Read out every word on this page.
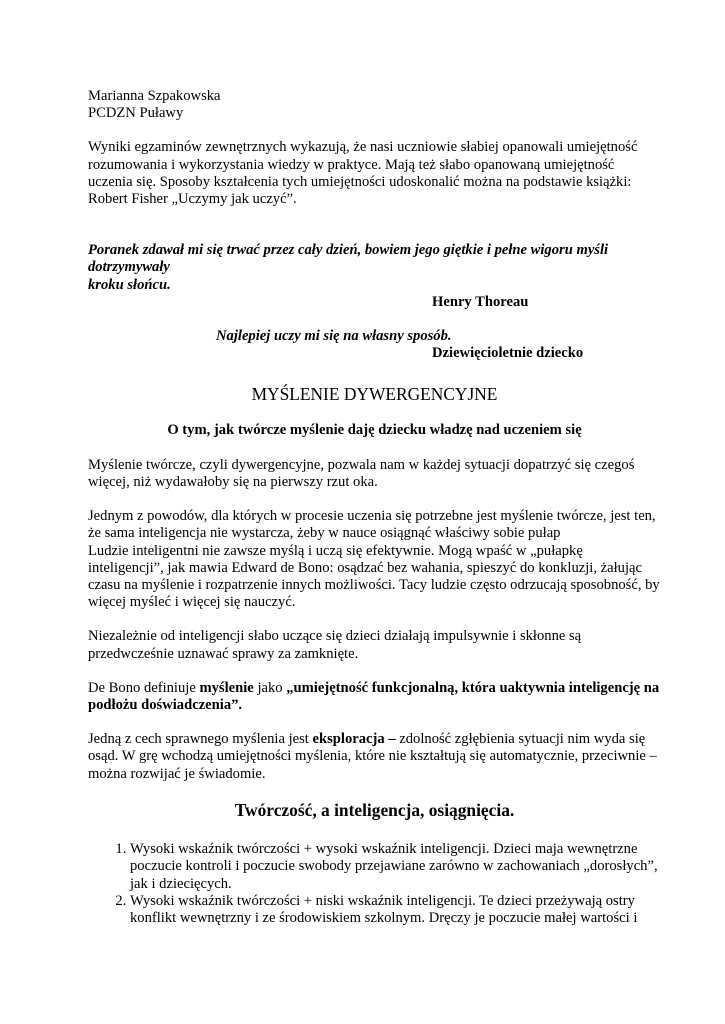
Marianna Szpakowska

PCDZN Puławy

Wyniki egzaminów zewnętrznych wykazują, że nasi uczniowie słabiej opanowali umiejętność rozumowania i wykorzystania wiedzy w praktyce. Mają też słabo opanowaną umiejętność uczenia się. Sposoby kształcenia tych umiejętności udoskonalić można na podstawie książki: Robert Fisher „Uczymy jak uczyć”.

Poranek zdawał mi się trwać przez cały dzień, bowiem jego giętkie i pełne wigoru myśli dotrzymywały

kroku słońcu.

Henry Thoreau

Najlepiej uczy mi się na własny sposób.

Dziewięcioletnie dziecko

MYŚLENIE DYWERGENCYJNE

O tym, jak twórcze myślenie daję dziecku władzę nad uczeniem się

Myślenie twórcze, czyli dywergencyjne, pozwala nam w każdej sytuacji dopatrzyć się czegoś więcej, niż wydawałoby się na pierwszy rzut oka.

Jednym z powodów, dla których w procesie uczenia się potrzebne jest myślenie twórcze, jest ten, że sama inteligencja nie wystarcza, żeby w nauce osiągnąć właściwy sobie pułap

Ludzie inteligentni nie zawsze myślą i uczą się efektywnie. Mogą wpaść w „pułapkę inteligencji”, jak mawia Edward de Bono: osądzać bez wahania, spieszyć do konkluzji, żałując czasu na myślenie i rozpatrzenie innych możliwości. Tacy ludzie często odrzucają sposobność, by więcej myśleć i więcej się nauczyć.

Niezależnie od inteligencji słabo uczące się dzieci działają impulsywnie i skłonne są przedwcześnie uznawać sprawy za zamknięte.

De Bono definiuje myślenie jako „umiejętność funkcjonalną, która uaktywnia inteligencję na podłożu doświadczenia”.

Jedną z cech sprawnego myślenia jest eksploracja – zdolność zgłębienia sytuacji nim wyda się osąd. W grę wchodzą umiejętności myślenia, które nie kształtują się automatycznie, przeciwnie – można rozwijać je świadomie.

Twórczość, a inteligencja, osiągnięcia.

1. Wysoki wskaźnik twórczości + wysoki wskaźnik inteligencji. Dzieci maja wewnętrzne poczucie kontroli i poczucie swobody przejawiane zarówno w zachowaniach „dorosłych”, jak i dziecięcych.
2. Wysoki wskaźnik twórczości + niski wskaźnik inteligencji. Te dzieci przeżywają ostry konflikt wewnętrzny i ze środowiskiem szkolnym. Dręczy je poczucie małej wartości i
